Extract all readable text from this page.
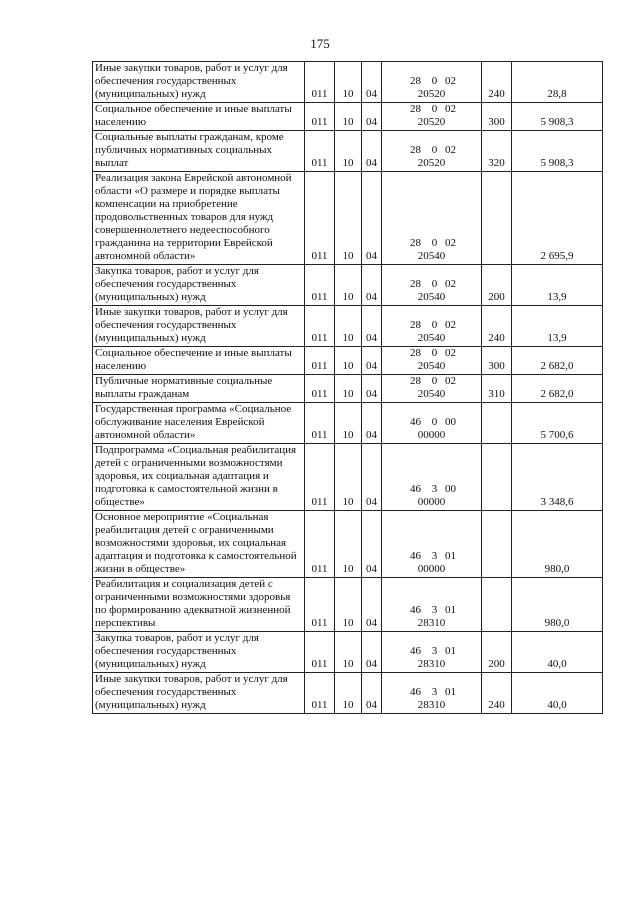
175
Иные закупки товаров, работ и услуг для обеспечения государственных (муниципальных) нужд	011	10	04	28 0 0220520	240	28,8
Социальное обеспечение и иные выплаты населению	011	10	04	28 0 0220520	300	5 908,3
Социальные выплаты гражданам, кроме публичных нормативных социальных выплат	011	10	04	28 0 0220520	320	5 908,3
Реализация закона Еврейской автономной области «О размере и порядке выплаты компенсации на приобретение продовольственных товаров для нужд совершеннолетнего недееспособного гражданина на территории Еврейской автономной области»	011	10	04	28 0 0220540		2 695,9
Закупка товаров, работ и услуг для обеспечения государственных (муниципальных) нужд	011	10	04	28 0 0220540	200	13,9
Иные закупки товаров, работ и услуг для обеспечения государственных (муниципальных) нужд	011	10	04	28 0 0220540	240	13,9
Социальное обеспечение и иные выплаты населению	011	10	04	28 0 0220540	300	2 682,0
Публичные нормативные социальные выплаты гражданам	011	10	04	28 0 0220540	310	2 682,0
Государственная программа «Социальное обслуживание населения Еврейской автономной области»	011	10	04	46 0 0000000		5 700,6
Подпрограмма «Социальная реабилитация детей с ограниченными возможностями здоровья, их социальная адаптация и подготовка к самостоятельной жизни в обществе»	011	10	04	46 3 0000000		3 348,6
Основное мероприятие «Социальная реабилитация детей с ограниченными возможностями здоровья, их социальная адаптация и подготовка к самостоятельной жизни в обществе»	011	10	04	46 3 0100000		980,0
Реабилитация и социализация детей с ограниченными возможностями здоровья по формированию адекватной жизненной перспективы	011	10	04	46 3 0128310		980,0
Закупка товаров, работ и услуг для обеспечения государственных (муниципальных) нужд	011	10	04	46 3 0128310	200	40,0
Иные закупки товаров, работ и услуг для обеспечения государственных (муниципальных) нужд	011	10	04	46 3 0128310	240	40,0
